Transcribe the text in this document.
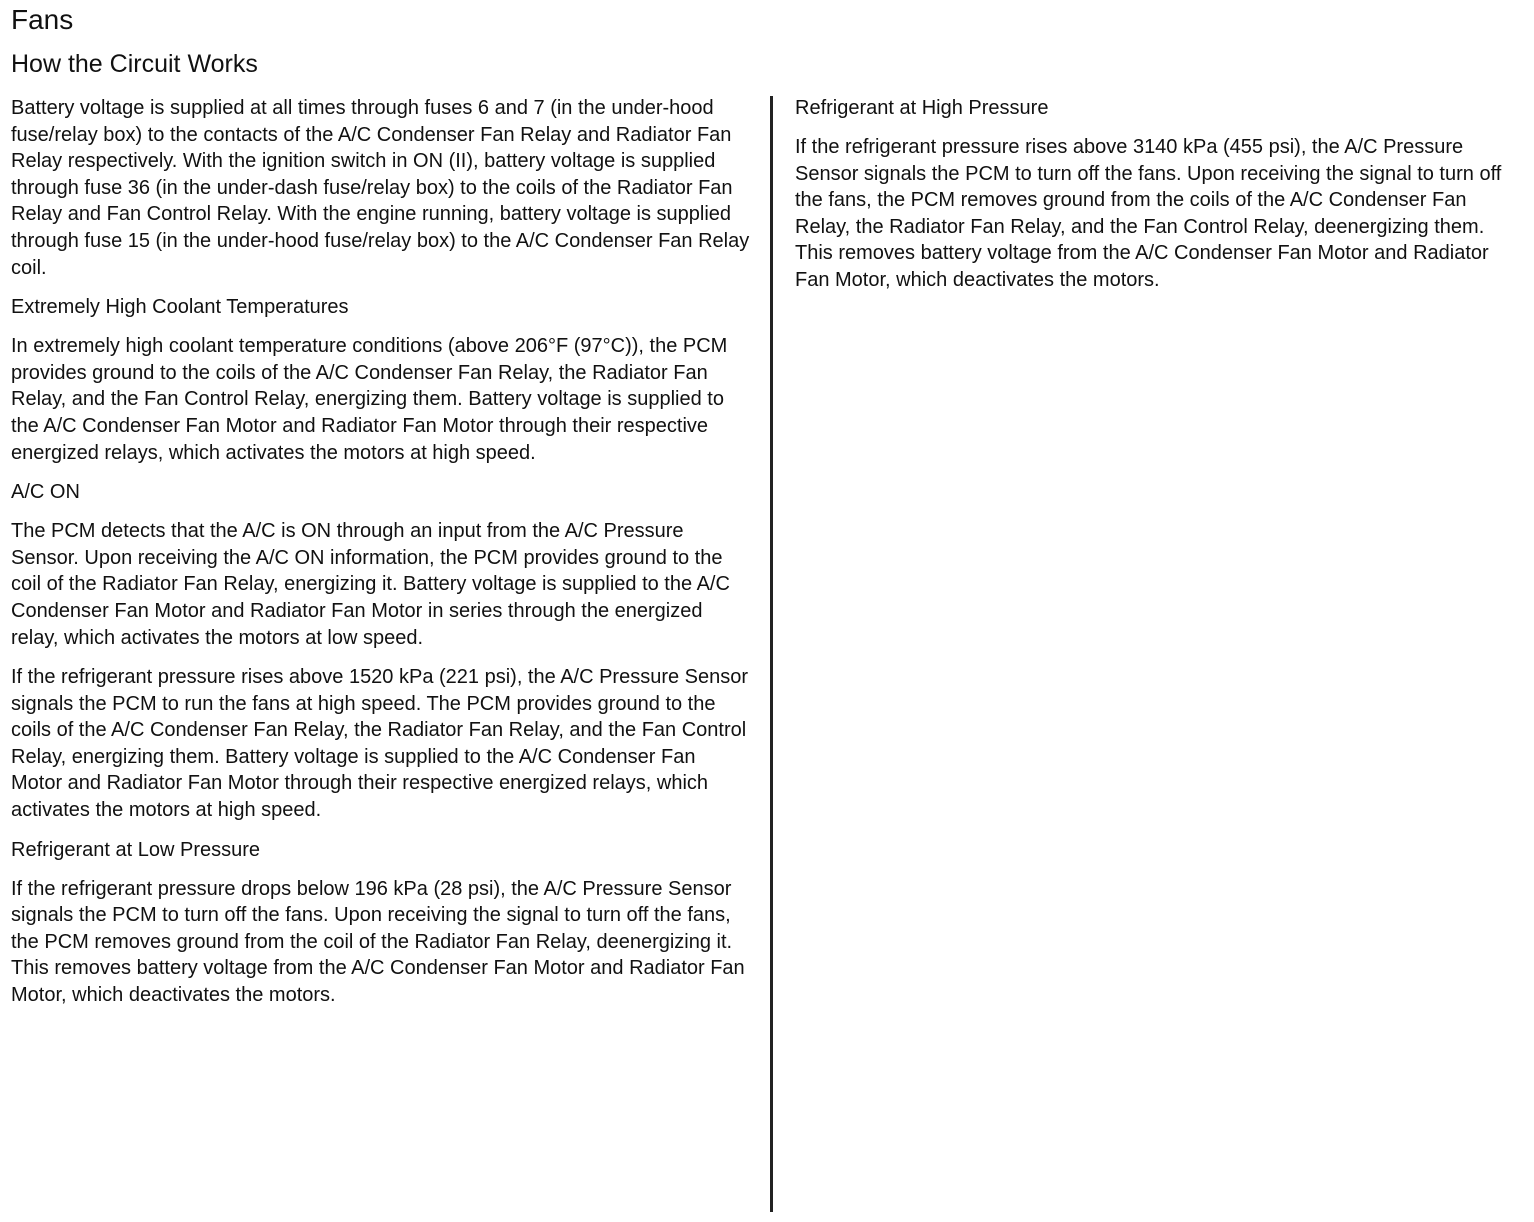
Fans
How the Circuit Works

Battery voltage is supplied at all times through fuses 6 and 7 (in the under-hood fuse/relay box) to the contacts of the A/C Condenser Fan Relay and Radiator Fan Relay respectively. With the ignition switch in ON (II), battery voltage is supplied through fuse 36 (in the under-dash fuse/relay box) to the coils of the Radiator Fan Relay and Fan Control Relay. With the engine running, battery voltage is supplied through fuse 15 (in the under-hood fuse/relay box) to the A/C Condenser Fan Relay coil.

Extremely High Coolant Temperatures

In extremely high coolant temperature conditions (above 206°F (97°C)), the PCM provides ground to the coils of the A/C Condenser Fan Relay, the Radiator Fan Relay, and the Fan Control Relay, energizing them. Battery voltage is supplied to the A/C Condenser Fan Motor and Radiator Fan Motor through their respective energized relays, which activates the motors at high speed.

A/C ON

The PCM detects that the A/C is ON through an input from the A/C Pressure Sensor. Upon receiving the A/C ON information, the PCM provides ground to the coil of the Radiator Fan Relay, energizing it. Battery voltage is supplied to the A/C Condenser Fan Motor and Radiator Fan Motor in series through the energized relay, which activates the motors at low speed.

If the refrigerant pressure rises above 1520 kPa (221 psi), the A/C Pressure Sensor signals the PCM to run the fans at high speed. The PCM provides ground to the coils of the A/C Condenser Fan Relay, the Radiator Fan Relay, and the Fan Control Relay, energizing them. Battery voltage is supplied to the A/C Condenser Fan Motor and Radiator Fan Motor through their respective energized relays, which activates the motors at high speed.

Refrigerant at Low Pressure

If the refrigerant pressure drops below 196 kPa (28 psi), the A/C Pressure Sensor signals the PCM to turn off the fans. Upon receiving the signal to turn off the fans, the PCM removes ground from the coil of the Radiator Fan Relay, deenergizing it. This removes battery voltage from the A/C Condenser Fan Motor and Radiator Fan Motor, which deactivates the motors.

Refrigerant at High Pressure

If the refrigerant pressure rises above 3140 kPa (455 psi), the A/C Pressure Sensor signals the PCM to turn off the fans. Upon receiving the signal to turn off the fans, the PCM removes ground from the coils of the A/C Condenser Fan Relay, the Radiator Fan Relay, and the Fan Control Relay, deenergizing them. This removes battery voltage from the A/C Condenser Fan Motor and Radiator Fan Motor, which deactivates the motors.
